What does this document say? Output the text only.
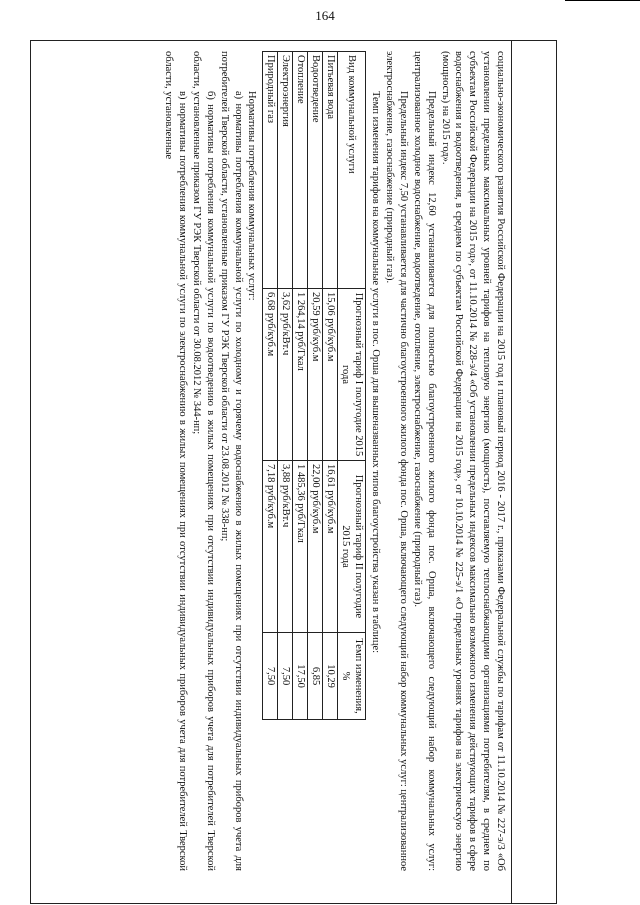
164

социально-экономического развития Российской Федерации на 2015 год и плановый период 2016 - 2017 г., приказами Федеральной службы по тарифам от 11.10.2014 № 227-э/3 «Об установлении предельных максимальных уровней тарифов на тепловую энергию (мощность), поставляемую теплоснабжающими организациями потребителям, в среднем по субъектам Российской Федерации на 2015 год», от 11.10.2014 № 228-э/4 «Об установлении предельных индексов максимально возможного изменения действующих тарифов в сфере водоснабжения и водоотведения, в среднем по субъектам Российской Федерации на 2015 год», от 10.10.2014 № 225-э/1 «О предельных уровнях тарифов на электрическую энергию (мощность) на 2015 год».

Предельный индекс 12,60 устанавливается для полностью благоустроенного жилого фонда пос. Орша, включающего следующий набор коммунальных услуг: централизованное холодное водоснабжение, водоотведение, отопление, электроснабжение, газоснабжение (природный газ).

Предельный индекс 7,50 устанавливается для частично благоустроенного жилого фонда пос. Орша, включающего следующий набор коммунальных услуг: централизованное электроснабжение, газоснабжение (природный газ).

Темп изменения тарифов на коммунальные услуги в пос. Орша для вышеназванных типов благоустройства указан в таблице:

Вид коммунальной услуги	Прогнозный тариф I полугодие 2015 года	Прогнозный тариф II полугодие 2015 года	Темп изменения, %
Питьевая вода	15,06 руб/куб.м	16,61 руб/куб.м	10,29
Водоотведение	20,59 руб/куб.м	22,00 руб/куб.м	6,85
Отопление	1 264,14 руб/Гкал	1 485,36 руб/Гкал	17,50
Электроэнергия	3,62 руб/кВт.ч	3,88 руб/кВт.ч	7,50
Природный газ	6,68 руб/куб.м	7,18 руб/куб.м	7,50

Нормативы потребления коммунальных услуг:

а) нормативы потребления коммунальной услуги по холодному и горячему водоснабжению в жилых помещениях при отсутствии индивидуальных приборов учета для потребителей Тверской области, установленные приказом ГУ РЭК Тверской области от 23.08.2012 № 338-нп;

б) нормативы потребления коммунальной услуги по водоотведению в жилых помещениях при отсутствии индивидуальных приборов учета для потребителей Тверской области, установленные приказом ГУ РЭК Тверской области от 30.08.2012 № 344-нп;

в) нормативы потребления коммунальной услуги по электроснабжению в жилых помещениях при отсутствии индивидуальных приборов учета для потребителей Тверской области, установленные
